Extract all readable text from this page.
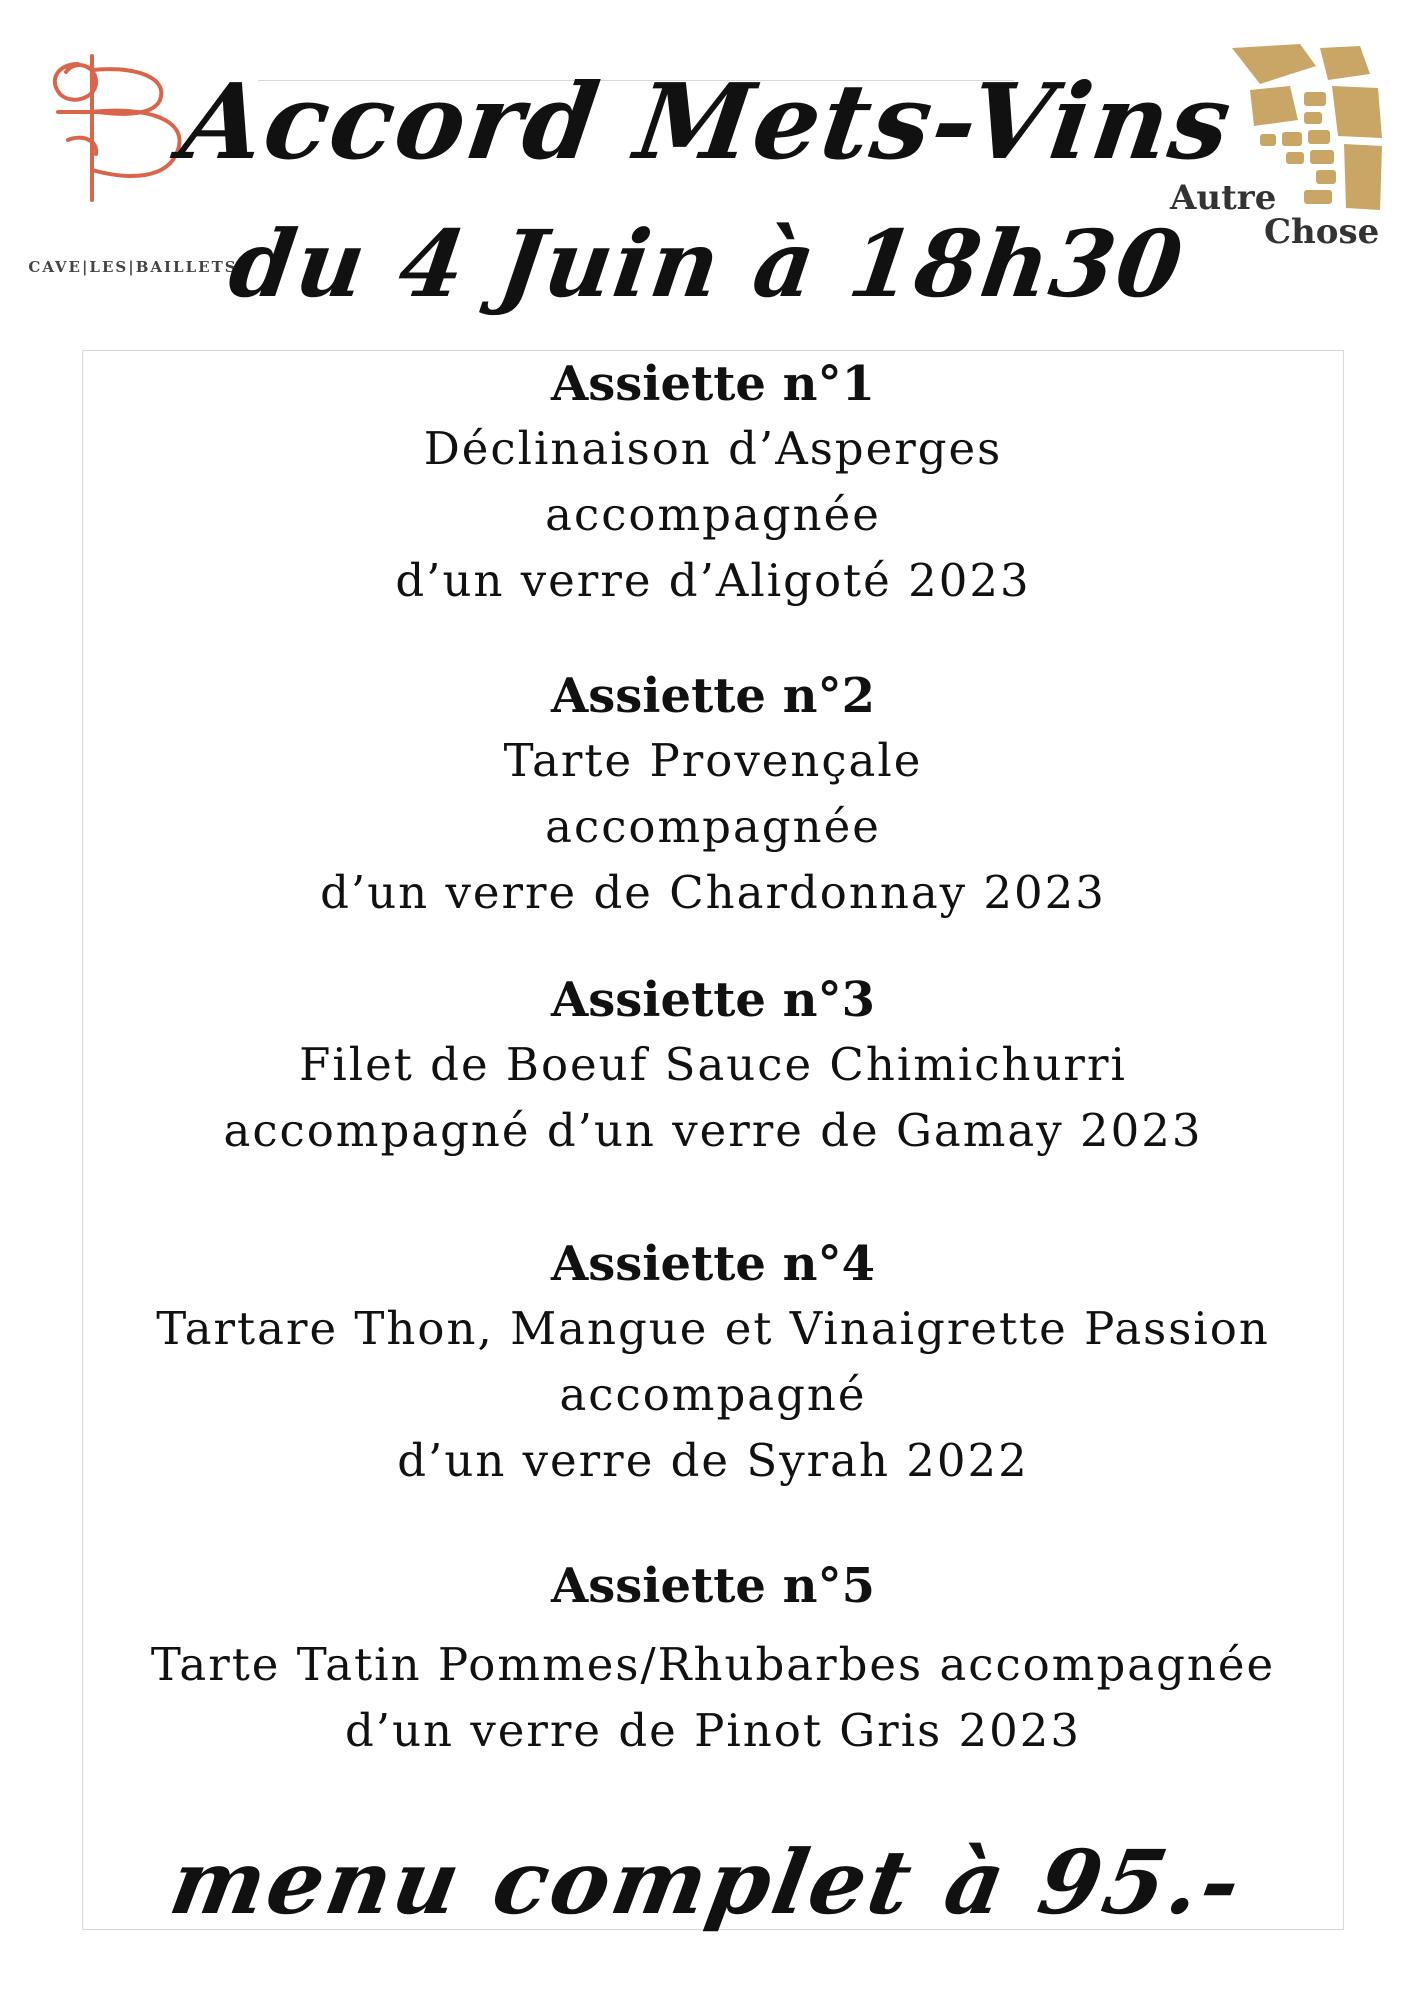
CAVE|LES|BAILLETS
Autre
Chose
Accord Mets-Vins
du 4 Juin à 18h30
Assiette n°1
Déclinaison d’Asperges
accompagnée
d’un verre d’Aligoté 2023
Assiette n°2
Tarte Provençale
accompagnée
d’un verre de Chardonnay 2023
Assiette n°3
Filet de Boeuf Sauce Chimichurri
accompagné d’un verre de Gamay 2023
Assiette n°4
Tartare Thon, Mangue et Vinaigrette Passion
accompagné
d’un verre de Syrah 2022
Assiette n°5
Tarte Tatin Pommes/Rhubarbes accompagnée
d’un verre de Pinot Gris 2023
menu complet à 95.-
